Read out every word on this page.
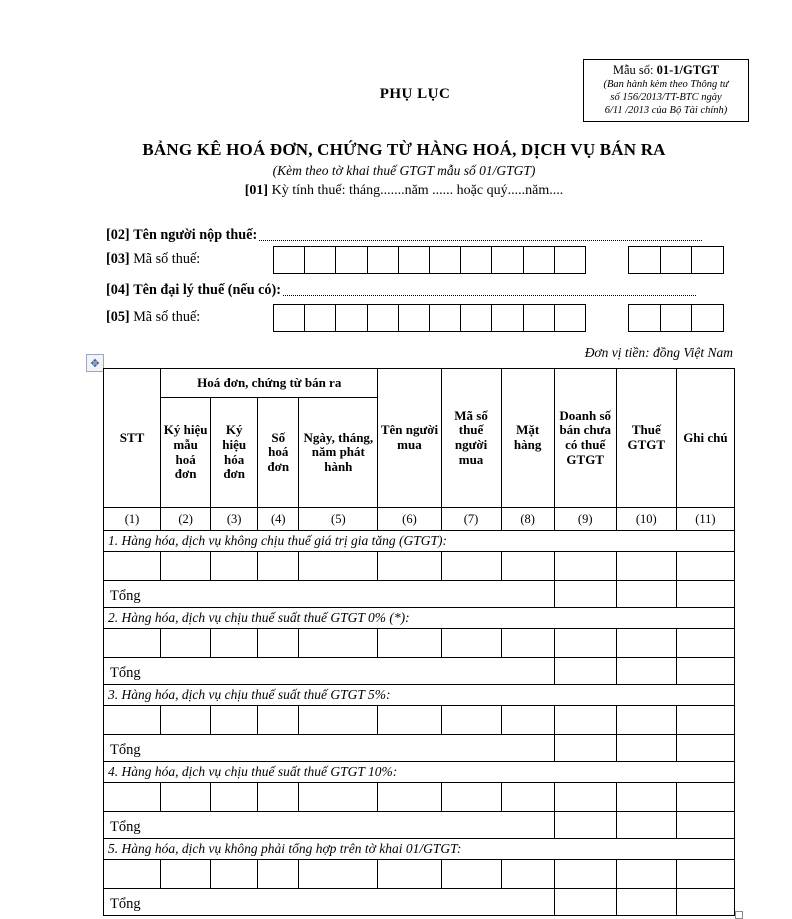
Mẫu số: 01-1/GTGT
(Ban hành kèm theo Thông tư
số 156/2013/TT-BTC ngày
6/11 /2013 của Bộ Tài chính)
PHỤ LỤC
BẢNG KÊ HOÁ ĐƠN, CHỨNG TỪ HÀNG HOÁ, DỊCH VỤ BÁN RA
(Kèm theo tờ khai thuế GTGT mẫu số 01/GTGT)
[01] Kỳ tính thuế: tháng.......năm ...... hoặc quý.....năm....
[02] Tên người nộp thuế:
[03] Mã số thuế:
[04] Tên đại lý thuế (nếu có):
[05] Mã số thuế:
Đơn vị tiền: đồng Việt Nam
✥
STT	Hoá đơn, chứng từ bán ra				Tên người mua	Mã số thuế người mua	Mặt hàng	Doanh số bán chưa có thuế GTGT	Thuế GTGT	Ghi chú
	Ký hiệu mẫu hoá đơn	Ký hiệu hóa đơn	Số hoá đơn	Ngày, tháng, năm phát hành						
(1)	(2)	(3)	(4)	(5)	(6)	(7)	(8)	(9)	(10)	(11)
1. Hàng hóa, dịch vụ không chịu thuế giá trị gia tăng (GTGT):										

Tổng										
2. Hàng hóa, dịch vụ chịu thuế suất thuế GTGT 0% (*):										

Tổng										
3. Hàng hóa, dịch vụ chịu thuế suất thuế GTGT 5%:										

Tổng										
4. Hàng hóa, dịch vụ chịu thuế suất thuế GTGT 10%:										

Tổng										
5. Hàng hóa, dịch vụ không phải tổng hợp trên tờ khai 01/GTGT:										

Tổng										
